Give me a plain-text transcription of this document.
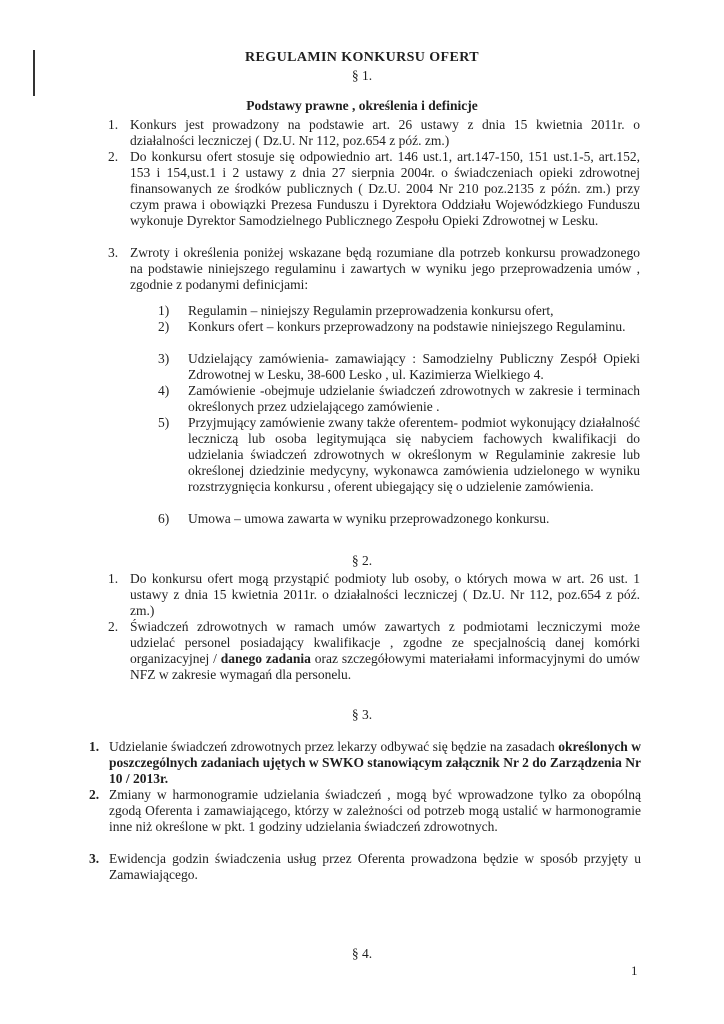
REGULAMIN KONKURSU OFERT
§ 1.
Podstawy prawne , określenia i definicje
1. Konkurs jest prowadzony na podstawie art. 26 ustawy z dnia 15 kwietnia 2011r. o działalności leczniczej ( Dz.U. Nr 112, poz.654 z póź. zm.)
2. Do konkursu ofert stosuje się odpowiednio art. 146 ust.1, art.147-150, 151 ust.1-5, art.152, 153 i 154,ust.1 i 2 ustawy z dnia 27 sierpnia 2004r. o świadczeniach opieki zdrowotnej finansowanych ze środków publicznych ( Dz.U. 2004 Nr 210 poz.2135 z późn. zm.) przy czym prawa i obowiązki Prezesa Funduszu i Dyrektora Oddziału Wojewódzkiego Funduszu wykonuje Dyrektor Samodzielnego Publicznego Zespołu Opieki Zdrowotnej w Lesku.
3. Zwroty i określenia poniżej wskazane będą rozumiane dla potrzeb konkursu prowadzonego na podstawie niniejszego regulaminu i zawartych w wyniku jego przeprowadzenia umów , zgodnie z podanymi definicjami:
1) Regulamin – niniejszy Regulamin przeprowadzenia konkursu ofert,
2) Konkurs ofert – konkurs przeprowadzony na podstawie niniejszego Regulaminu.
3) Udzielający zamówienia- zamawiający : Samodzielny Publiczny Zespół Opieki Zdrowotnej w Lesku, 38-600 Lesko , ul. Kazimierza Wielkiego 4.
4) Zamówienie -obejmuje udzielanie świadczeń zdrowotnych w zakresie i terminach określonych przez udzielającego zamówienie .
5) Przyjmujący zamówienie zwany także oferentem- podmiot wykonujący działalność leczniczą lub osoba legitymująca się nabyciem fachowych kwalifikacji do udzielania świadczeń zdrowotnych w określonym w Regulaminie zakresie lub określonej dziedzinie medycyny, wykonawca zamówienia udzielonego w wyniku rozstrzygnięcia konkursu , oferent ubiegający się o udzielenie zamówienia.
6) Umowa – umowa zawarta w wyniku przeprowadzonego konkursu.
§ 2.
1. Do konkursu ofert mogą przystąpić podmioty lub osoby, o których mowa w art. 26 ust. 1 ustawy z dnia 15 kwietnia 2011r. o działalności leczniczej ( Dz.U. Nr 112, poz.654 z póź. zm.)
2. Świadczeń zdrowotnych w ramach umów zawartych z podmiotami leczniczymi może udzielać personel posiadający kwalifikacje , zgodne ze specjalnością danej komórki organizacyjnej / danego zadania oraz szczegółowymi materiałami informacyjnymi do umów NFZ w zakresie wymagań dla personelu.
§ 3.
1. Udzielanie świadczeń zdrowotnych przez lekarzy odbywać się będzie na zasadach określonych w poszczególnych zadaniach ujętych w SWKO stanowiącym załącznik Nr 2 do Zarządzenia Nr 10 / 2013r.
2. Zmiany w harmonogramie udzielania świadczeń , mogą być wprowadzone tylko za obopólną zgodą Oferenta i zamawiającego, którzy w zależności od potrzeb mogą ustalić w harmonogramie inne niż określone w pkt. 1 godziny udzielania świadczeń zdrowotnych.
3. Ewidencja godzin świadczenia usług przez Oferenta prowadzona będzie w sposób przyjęty u Zamawiającego.
§ 4.
1
